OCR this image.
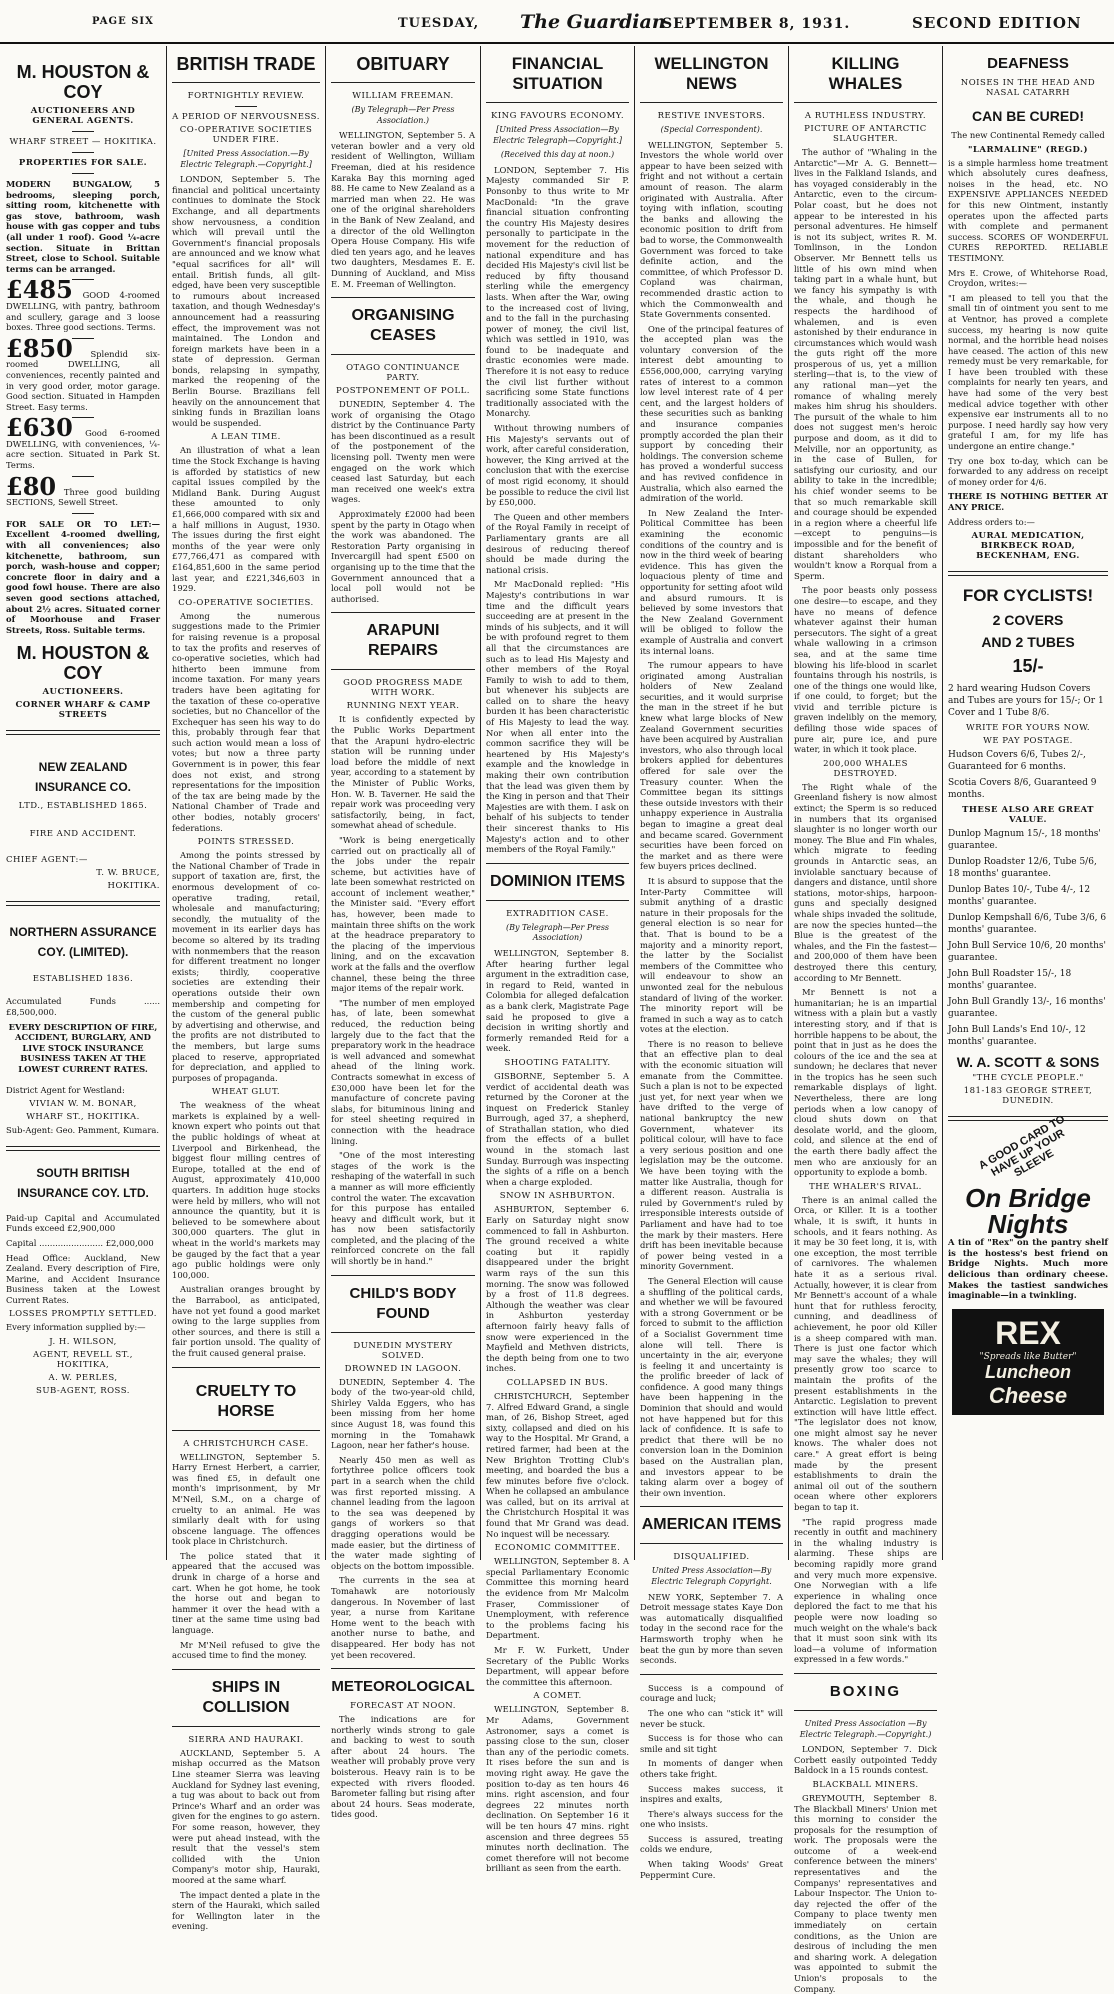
PAGE SIX	TUESDAY, The Guardian
SEPTEMBER 8, 1931.	SECOND EDITION
M. HOUSTON & COY
AUCTIONEERS AND GENERAL AGENTS.
WHARF STREET — HOKITIKA.
PROPERTIES FOR SALE.

MODERN BUNGALOW, 5 bedrooms, sleeping porch, sitting room, kitchenette with gas stove, bathroom, wash house with gas copper and tubs (all under 1 roof). Good ¼-acre section. Situate in Brittan Street, close to School. Suitable terms can be arranged.

£485 GOOD 4-roomed DWELLING, with pantry, bathroom and scullery, garage and 3 loose boxes. Three good sections. Terms.

£850 Splendid six-roomed DWELLING, all conveniences, recently painted and in very good order, motor garage. Good section. Situated in Hampden Street. Easy terms.

£630 Good 6-roomed DWELLING, with conveniences, ¼-acre section. Situated in Park St. Terms.

£80 Three good building SECTIONS, Sewell Street.

FOR SALE OR TO LET:—Excellent 4-roomed dwelling, with all conveniences; also kitchenette, bathroom, sun porch, wash-house and copper; concrete floor in dairy and a good fowl house. There are also seven good sections attached, about 2½ acres. Situated corner of Moorhouse and Fraser Streets, Ross. Suitable terms.

M. HOUSTON & COY
AUCTIONEERS.
CORNER WHARF & CAMP STREETS
NEW ZEALAND INSURANCE CO.
LTD., ESTABLISHED 1865.
FIRE AND ACCIDENT.
CHIEF AGENT:—
T. W. BRUCE,
HOKITIKA.
NORTHERN ASSURANCE COY. (LIMITED).
ESTABLISHED 1836.

Accumulated Funds ...... £8,500,000.

EVERY DESCRIPTION OF FIRE, ACCIDENT, BURGLARY, AND LIVE STOCK INSURANCE BUSINESS TAKEN AT THE LOWEST CURRENT RATES.

District Agent for Westland:

VIVIAN W. M. BONAR,
WHARF ST., HOKITIKA.

Sub-Agent: Geo. Pamment, Kumara.

SOUTH BRITISH INSURANCE COY. LTD.

Paid-up Capital and Accumulated Funds exceed £2,900,000

Capital ........................ £2,000,000

Head Office: Auckland, New Zealand. Every description of Fire, Marine, and Accident Insurance Business taken at the Lowest Current Rates.

LOSSES PROMPTLY SETTLED.

Every information supplied by:—

J. H. WILSON,
AGENT, REVELL ST., HOKITIKA,
A. W. PERLES,
SUB-AGENT, ROSS.
BRITISH TRADE
FORTNIGHTLY REVIEW.
A PERIOD OF NERVOUSNESS.
CO-OPERATIVE SOCIETIES UNDER FIRE.

[United Press Association.—By Electric Telegraph.—Copyright.]

LONDON, September 5. The financial and political uncertainty continues to dominate the Stock Exchange, and all departments show nervousness, a condition which will prevail until the Government's financial proposals are announced and we know what "equal sacrifices for all" will entail. British funds, all gilt-edged, have been very susceptible to rumours about increased taxation, and though Wednesday's announcement had a reassuring effect, the improvement was not maintained. The London and foreign markets have been in a state of depression. German bonds, relapsing in sympathy, marked the reopening of the Berlin Bourse. Brazilians fell heavily on the announcement that sinking funds in Brazilian loans would be suspended.

A LEAN TIME.

An illustration of what a lean time the Stock Exchange is having is afforded by statistics of new capital issues compiled by the Midland Bank. During August these amounted to only £1,666,000 compared with six and a half millions in August, 1930. The issues during the first eight months of the year were only £77,766,471 as compared with £164,851,600 in the same period last year, and £221,346,603 in 1929.

CO-OPERATIVE SOCIETIES.

Among the numerous suggestions made to the Primier for raising revenue is a proposal to tax the profits and reserves of co-operative societies, which had hitherto been immune from income taxation. For many years traders have been agitating for the taxation of these co-operative societies, but no Chancellor of the Exchequer has seen his way to do this, probably through fear that such action would mean a loss of votes; but now a three party Government is in power, this fear does not exist, and strong representations for the imposition of the tax are being made by the National Chamber of Trade and other bodies, notably grocers' federations.

POINTS STRESSED.

Among the points stressed by the National Chamber of Trade in support of taxation are, first, the enormous development of co-operative trading, retail, wholesale and manufacturing; secondly, the mutuality of the movement in its earlier days has become so altered by its trading with nonmembers that the reason for different treatment no longer exists; thirdly, cooperative societies are extending their operations outside their own membership and competing for the custom of the general public by advertising and otherwise, and the profits are not distributed to the members, but large sums placed to reserve, appropriated for depreciation, and applied to purposes of propaganda.

WHEAT GLUT.

The weakness of the wheat markets is explained by a well-known expert who points out that the public holdings of wheat at Liverpool and Birkenhead, the biggest flour milling centres of Europe, totalled at the end of August, approximately 410,000 quarters. In addition huge stocks were held by millers, who will not announce the quantity, but it is believed to be somewhere about 300,000 quarters. The glut in wheat in the world's markets may be gauged by the fact that a year ago public holdings were only 100,000.

Australian oranges brought by the Barrabool, as anticipated, have not yet found a good market owing to the large supplies from other sources, and there is still a fair portion unsold. The quality of the fruit caused general praise.

CRUELTY TO HORSE
A CHRISTCHURCH CASE.

WELLINGTON, September 5. Harry Ernest Herbert, a carrier, was fined £5, in default one month's imprisonment, by Mr M'Neil, S.M., on a charge of cruelty to an animal. He was similarly dealt with for using obscene language. The offences took place in Christchurch.

The police stated that it appeared that the accused was drunk in charge of a horse and cart. When he got home, he took the horse out and began to hammer it over the head with a tiner at the same time using bad language.

Mr M'Neil refused to give the accused time to find the money.

SHIPS IN COLLISION
SIERRA AND HAURAKI.

AUCKLAND, September 5. A mishap occurred as the Matson Line steamer Sierra was leaving Auckland for Sydney last evening, a tug was about to back out from Prince's Wharf and an order was given for the engines to go astern. For some reason, however, they were put ahead instead, with the result that the vessel's stem collided with the Union Company's motor ship, Hauraki, moored at the same wharf.

The impact dented a plate in the stern of the Hauraki, which sailed for Wellington later in the evening.

OBITUARY
WILLIAM FREEMAN.

(By Telegraph—Per Press Association.)

WELLINGTON, September 5. A veteran bowler and a very old resident of Wellington, William Freeman, died at his residence Karaka Bay this morning aged 88. He came to New Zealand as a married man when 22. He was one of the original shareholders in the Bank of New Zealand, and a director of the old Wellington Opera House Company. His wife died ten years ago, and he leaves two daughters, Mesdames E. E. Dunning of Auckland, and Miss E. M. Freeman of Wellington.

ORGANISING CEASES
OTAGO CONTINUANCE PARTY.
POSTPONEMENT OF POLL.

DUNEDIN, September 4. The work of organising the Otago district by the Continuance Party has been discontinued as a result of the postponement of the licensing poll. Twenty men were engaged on the work which ceased last Saturday, but each man received one week's extra wages.

Approximately £2000 had been spent by the party in Otago when the work was abandoned. The Restoration Party organising in Invercargill had spent £500 on organising up to the time that the Government announced that a local poll would not be authorised.

ARAPUNI REPAIRS
GOOD PROGRESS MADE WITH WORK.
RUNNING NEXT YEAR.

It is confidently expected by the Public Works Department that the Arapuni hydro-electric station will be running under load before the middle of next year, according to a statement by the Minister of Public Works, Hon. W. B. Taverner. He said the repair work was proceeding very satisfactorily, being, in fact, somewhat ahead of schedule.

"Work is being energetically carried out on practically all of the jobs under the repair scheme, but activities have of late been somewhat restricted on account of inclement weather," the Minister said. "Every effort has, however, been made to maintain three shifts on the work at the headrace preparatory to the placing of the impervious lining, and on the excavation work at the falls and the overflow channel, these being the three major items of the repair work.

"The number of men employed has, of late, been somewhat reduced, the reduction being largely due to the fact that the preparatory work in the headrace is well advanced and somewhat ahead of the lining work. Contracts somewhat in excess of £30,000 have been let for the manufacture of concrete paving slabs, for bituminous lining and for steel sheeting required in connection with the headrace lining.

"One of the most interesting stages of the work is the reshaping of the waterfall in such a manner as will more efficiently control the water. The excavation for this purpose has entailed heavy and difficult work, but it has now been satisfactorily completed, and the placing of the reinforced concrete on the fall will shortly be in hand."

CHILD'S BODY FOUND
DUNEDIN MYSTERY SOLVED.
DROWNED IN LAGOON.

DUNEDIN, September 4. The body of the two-year-old child, Shirley Valda Eggers, who has been missing from her home since August 18, was found this morning in the Tomahawk Lagoon, near her father's house.

Nearly 450 men as well as fortythree police officers took part in a search when the child was first reported missing. A channel leading from the lagoon to the sea was deepened by gangs of workers so that dragging operations would be made easier, but the dirtiness of the water made sighting of objects on the bottom impossible.

The currents in the sea at Tomahawk are notoriously dangerous. In November of last year, a nurse from Karitane Home went to the beach with another nurse to bathe, and disappeared. Her body has not yet been recovered.

METEOROLOGICAL
FORECAST AT NOON.

The indications are for northerly winds strong to gale and backing to west to south after about 24 hours. The weather will probably prove very boisterous. Heavy rain is to be expected with rivers flooded. Barometer falling but rising after about 24 hours. Seas moderate, tides good.

FINANCIAL SITUATION
KING FAVOURS ECONOMY.

[United Press Association—By Electric Telegraph—Copyright.]

(Received this day at noon.)

LONDON, September 7. His Majesty commanded Sir P. Ponsonby to thus write to Mr MacDonald: "In the grave financial situation confronting the country His Majesty desires personally to participate in the movement for the reduction of national expenditure and has decided His Majesty's civil list be reduced by fifty thousand sterling while the emergency lasts. When after the War, owing to the increased cost of living, and to the fall in the purchasing power of money, the civil list, which was settled in 1910, was found to be inadequate and drastic economies were made. Therefore it is not easy to reduce the civil list further without sacrificing some State functions traditionally associated with the Monarchy.

Without throwing numbers of His Majesty's servants out of work, after careful consideration, however, the King arrived at the conclusion that with the exercise of most rigid economy, it should be possible to reduce the civil list by £50,000.

The Queen and other members of the Royal Family in receipt of Parliamentary grants are all desirous of reducing thereof should be made during the national crisis.

Mr MacDonald replied: "His Majesty's contributions in war time and the difficult years succeeding are at present in the minds of his subjects, and it will be with profound regret to them all that the circumstances are such as to lead His Majesty and other members of the Royal Family to wish to add to them, but whenever his subjects are called on to share the heavy burden it has been characteristic of His Majesty to lead the way. Nor when all enter into the common sacrifice they will be heartened by His Majesty's example and the knowledge in making their own contribution that the lead was given them by the King in person and that Their Majesties are with them. I ask on behalf of his subjects to tender their sincerest thanks to His Majesty's action and to other members of the Royal Family."

DOMINION ITEMS
EXTRADITION CASE.

(By Telegraph—Per Press Association)

WELLINGTON, September 8. After hearing further legal argument in the extradition case, in regard to Reid, wanted in Colombia for alleged defalcation as a bank clerk, Magistrate Page said he proposed to give a decision in writing shortly and formerly remanded Reid for a week.

SHOOTING FATALITY.

GISBORNE, September 5. A verdict of accidental death was returned by the Coroner at the inquest on Frederick Stanley Burrough, aged 37, a shepherd, of Strathallan station, who died from the effects of a bullet wound in the stomach last Sunday. Burrough was inspecting the sights of a rifle on a bench when a charge exploded.

SNOW IN ASHBURTON.

ASHBURTON, September 6. Early on Saturday night snow commenced to fall in Ashburton. The ground received a white coating but it rapidly disappeared under the bright warm rays of the sun this morning. The snow was followed by a frost of 11.8 degrees. Although the weather was clear in Ashburton yesterday afternoon fairly heavy falls of snow were experienced in the Mayfield and Methven districts, the depth being from one to two inches.

COLLAPSED IN BUS.

CHRISTCHURCH, September 7. Alfred Edward Grand, a single man, of 26, Bishop Street, aged sixty, collapsed and died on his way to the Hospital. Mr Grand, a retired farmer, had been at the New Brighton Trotting Club's meeting, and boarded the bus a few minutes before five o'clock. When he collapsed an ambulance was called, but on its arrival at the Christchurch Hospital it was found that Mr Grand was dead. No inquest will be necessary.

ECONOMIC COMMITTEE.

WELLINGTON, September 8. A special Parliamentary Economic Committee this morning heard the evidence from Mr Malcolm Fraser, Commissioner of Unemployment, with reference to the problems facing his Department.

Mr F. W. Furkett, Under Secretary of the Public Works Department, will appear before the committee this afternoon.

A COMET.

WELLINGTON, September 8. Mr Adams, Government Astronomer, says a comet is passing close to the sun, closer than any of the periodic comets. It rises before the sun and is moving right away. He gave the position to-day as ten hours 46 mins. right ascension, and four degrees 22 minutes north declination. On September 16 it will be ten hours 47 mins. right ascension and three degrees 55 minutes north declination. The comet therefore will not become brilliant as seen from the earth.

WELLINGTON NEWS
RESTIVE INVESTORS.

(Special Correspondent).

WELLINGTON, September 5. Investors the whole world over appear to have been seized with fright and not without a certain amount of reason. The alarm originated with Australia. After toying with inflation, scouting the banks and allowing the economic position to drift from bad to worse, the Commonwealth Government was forced to take definite action, and the committee, of which Professor D. Copland was chairman, recommended drastic action to which the Commonwealth and State Governments consented.

One of the principal features of the accepted plan was the voluntary conversion of the interest debt amounting to £556,000,000, carrying varying rates of interest to a common low level interest rate of 4 per cent, and the largest holders of these securities such as banking and insurance companies promptly accorded the plan their support by conceding their holdings. The conversion scheme has proved a wonderful success and has revived confidence in Australia, which also earned the admiration of the world.

In New Zealand the Inter-Political Committee has been examining the economic conditions of the country and is now in the third week of bearing evidence. This has given the loquacious plenty of time and opportunity for setting afoot wild and absurd rumours. It is believed by some investors that the New Zealand Government will be obliged to follow the example of Australia and convert its internal loans.

The rumour appears to have originated among Australian holders of New Zealand securities, and it would surprise the man in the street if he but knew what large blocks of New Zealand Government securities have been acquired by Australian investors, who also through local brokers applied for debentures offered for sale over the Treasury counter. When the Committee began its sittings these outside investors with their unhappy experience in Australia began to imagine a great deal and became scared. Government securities have been forced on the market and as there were few buyers prices declined.

It is absurd to suppose that the Inter-Party Committee will submit anything of a drastic nature in their proposals for the general election is so near for that. That is bound to be a majority and a minority report, the latter by the Socialist members of the Committee who will endeavour to show an unwonted zeal for the nebulous standard of living of the worker. The minority report will be framed in such a way as to catch votes at the election.

There is no reason to believe that an effective plan to deal with the economic situation will emanate from the Committee. Such a plan is not to be expected just yet, for next year when we have drifted to the verge of national bankruptcy the new Government, whatever its political colour, will have to face a very serious position and one legislation may be the outcome. We have been toying with the matter like Australia, though for a different reason. Australia is ruled by Government's ruled by irresponsible interests outside of Parliament and have had to toe the mark by their masters. Here drift has been inevitable because of power being vested in a minority Government.

The General Election will cause a shuffling of the political cards, and whether we will be favoured with a strong Government or be forced to submit to the affliction of a Socialist Government time alone will tell. There is uncertainty in the air, everyone is feeling it and uncertainty is the prolific breeder of lack of confidence. A good many things have been happening in the Dominion that should and would not have happened but for this lack of confidence. It is safe to predict that there will be no conversion loan in the Dominion based on the Australian plan, and investors appear to be taking alarm over a bogey of their own invention.

AMERICAN ITEMS
DISQUALIFIED.

United Press Association—By Electric Telegraph Copyright.

NEW YORK, September 7. A Detroit message states Kaye Don was automatically disqualified today in the second race for the Harmsworth trophy when he beat the gun by more than seven seconds.

Success is a compound of courage and luck;

The one who can "stick it" will never be stuck.

Success is for those who can smile and sit tight

In moments of danger when others take fright.

Success makes success, it inspires and exalts,

There's always success for the one who insists.

Success is assured, treating colds we endure,

When taking Woods' Great Peppermint Cure.

KILLING WHALES
A RUTHLESS INDUSTRY.
PICTURE OF ANTARCTIC SLAUGHTER.

The author of "Whaling in the Antarctic"—Mr A. G. Bennett—lives in the Falkland Islands, and has voyaged considerably in the Antarctic, even to the circum-Polar coast, but he does not appear to be interested in his personal adventures. He himself is not its subject, writes R. M. Tomlinson, in the London Observer. Mr Bennett tells us little of his own mind when taking part in a whale hunt, but we fancy his sympathy is with the whale, and though he respects the hardihood of whalemen, and is even astonished by their endurance in circumstances which would wash the guts right off the more prosperous of us, yet a million sterling—that is, to the view of any rational man—yet the romance of whaling merely makes him shrug his shoulders. The pursuit of the whale to him does not suggest men's heroic purpose and doom, as it did to Melville, nor an opportunity, as in the case of Bullen, for satisfying our curiosity, and our ability to take in the incredible; his chief wonder seems to be that so much remarkable skill and courage should be expended in a region where a cheerful life—except to penguins—is impossible and for the benefit of distant shareholders who wouldn't know a Rorqual from a Sperm.

The poor beasts only possess one desire—to escape, and they have no means of defence whatever against their human persecutors. The sight of a great whale wallowing in a crimson sea, and at the same time blowing his life-blood in scarlet fountains through his nostrils, is one of the things one would like, if one could, to forget; but the vivid and terrible picture is graven indelibly on the memory, defiling those wide spaces of pure air, pure ice, and pure water, in which it took place.

200,000 WHALES DESTROYED.

The Right whale of the Greenland fishery is now almost extinct; the Sperm is so reduced in numbers that its organised slaughter is no longer worth our money. The Blue and Fin whales, which migrate to feeding grounds in Antarctic seas, an inviolable sanctuary because of dangers and distance, until shore stations, motor-ships, harpoon-guns and specially designed whale ships invaded the solitude, are now the species hunted—the Blue is the greatest of the whales, and the Fin the fastest—and 200,000 of them have been destroyed there this century, according to Mr Bennett.

Mr Bennett is not a humanitarian; he is an impartial witness with a plain but a vastly interesting story, and if that is horrible happens to be about, the point that in just as he does the colours of the ice and the sea at sundown; he declares that never in the tropics has he seen such remarkable displays of light. Nevertheless, there are long periods when a low canopy of cloud shuts down on that desolate world, and the gloom, cold, and silence at the end of the earth there badly affect the men who are anxiously for an opportunity to explode a bomb.

THE WHALER'S RIVAL.

There is an animal called the Orca, or Killer. It is a toother whale, it is swift, it hunts in schools, and it fears nothing. As it may be 30 feet long, it is, with one exception, the most terrible of carnivores. The whalemen hate it as a serious rival. Actually, however, it is clear from Mr Bennett's account of a whale hunt that for ruthless ferocity, cunning, and deadliness of achievement, he poor old Killer is a sheep compared with man. There is just one factor which may save the whales; they will presently grow too scarce to maintain the profits of the present establishments in the Antarctic. Legislation to prevent extinction will have little effect. "The legislator does not know, one might almost say he never knows. The whaler does not care." A great effort is being made by the present establishments to drain the animal oil out of the southern ocean where other explorers began to tap it.

"The rapid progress made recently in outfit and machinery in the whaling industry is alarming. These ships are becoming rapidly more grand and very much more expensive. One Norwegian with a life experience in whaling once deplored the fact to me that his people were now loading so much weight on the whale's back that it must soon sink with its load—a volume of information expressed in a few words."

BOXING

United Press Association —By Electric Telegraph.—Copyright.)

LONDON, September 7. Dick Corbett easily outpointed Teddy Baldock in a 15 rounds contest.

BLACKBALL MINERS.

GREYMOUTH, September 8. The Blackball Miners' Union met this morning to consider the proposals for the resumption of work. The proposals were the outcome of a week-end conference between the miners' representatives and the Companys' representatives and Labour Inspector. The Union to-day rejected the offer of the Company to place twenty men immediately on certain conditions, as the Union are desirous of including the men and sharing work. A delegation was appointed to submit the Union's proposals to the Company.

DEAFNESS
NOISES IN THE HEAD AND NASAL CATARRH
CAN BE CURED!

The new Continental Remedy called

"LARMALINE" (REGD.)

is a simple harmless home treatment which absolutely cures deafness, noises in the head, etc. NO EXPENSIVE APPLIANCES NEEDED for this new Ointment, instantly operates upon the affected parts with complete and permanent success. SCORES OF WONDERFUL CURES REPORTED. RELIABLE TESTIMONY.

Mrs E. Crowe, of Whitehorse Road, Croydon, writes:—

"I am pleased to tell you that the small tin of ointment you sent to me at Ventnor, has proved a complete success, my hearing is now quite normal, and the horrible head noises have ceased. The action of this new remedy must be very remarkable, for I have been troubled with these complaints for nearly ten years, and have had some of the very best medical advice together with other expensive ear instruments all to no purpose. I need hardly say how very grateful I am, for my life has undergone an entire change."

Try one box to-day, which can be forwarded to any address on receipt of money order for 4/6.

THERE IS NOTHING BETTER AT ANY PRICE.

Address orders to:—

AURAL MEDICATION, BIRKBECK ROAD, BECKENHAM, ENG.
FOR CYCLISTS!
2 COVERS
AND 2 TUBES
15/-

2 hard wearing Hudson Covers and Tubes are yours for 15/-; Or 1 Cover and 1 Tube 8/6.

WRITE FOR YOURS NOW.
WE PAY POSTAGE.

Hudson Covers 6/6, Tubes 2/-, Guaranteed for 6 months.

Scotia Covers 8/6, Guaranteed 9 months.

THESE ALSO ARE GREAT VALUE.

Dunlop Magnum 15/-, 18 months' guarantee.

Dunlop Roadster 12/6, Tube 5/6, 18 months' guarantee.

Dunlop Bates 10/-, Tube 4/-, 12 months' guarantee.

Dunlop Kempshall 6/6, Tube 3/6, 6 months' guarantee.

John Bull Service 10/6, 20 months' guarantee.

John Bull Roadster 15/-, 18 months' guarantee.

John Bull Grandly 13/-, 16 months' guarantee.

John Bull Lands's End 10/-, 12 months' guarantee.

W. A. SCOTT & SONS
"THE CYCLE PEOPLE."
181-183 GEORGE STREET, DUNEDIN.
A GOOD CARD TO HAVE UP YOUR SLEEVE
On Bridge
Nights

A tin of "Rex" on the pantry shelf is the hostess's best friend on Bridge Nights. Much more delicious than ordinary cheese. Makes the tastiest sandwiches imaginable—in a twinkling.

REX
"Spreads like Butter"
Luncheon
Cheese
